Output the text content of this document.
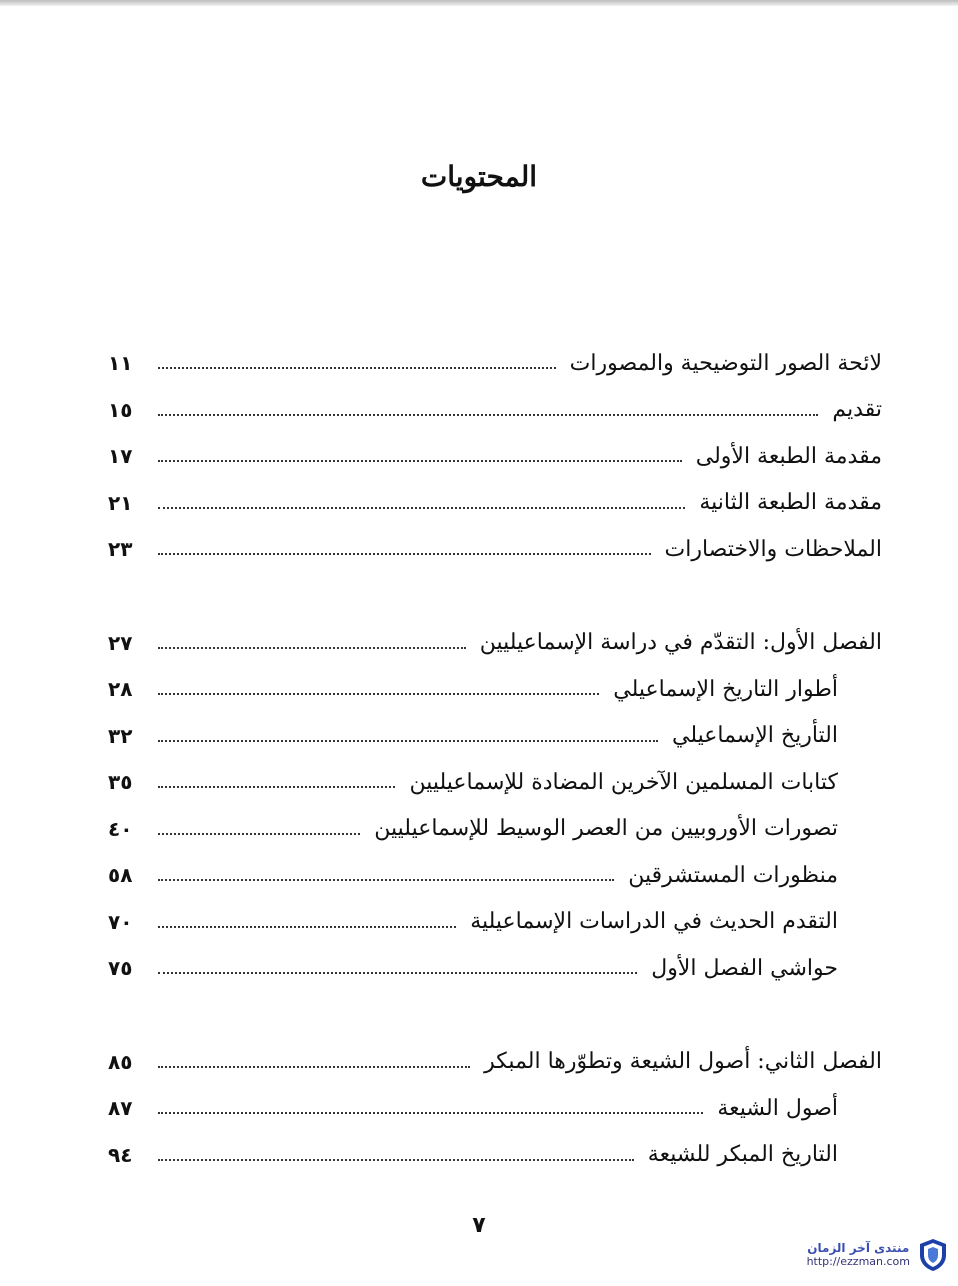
المحتويات
لائحة الصور التوضيحية والمصورات
١١
تقديم
١٥
مقدمة الطبعة الأولى
١٧
مقدمة الطبعة الثانية
٢١
الملاحظات والاختصارات
٢٣
الفصل الأول: التقدّم في دراسة الإسماعيليين
٢٧
أطوار التاريخ الإسماعيلي
٢٨
التأريخ الإسماعيلي
٣٢
كتابات المسلمين الآخرين المضادة للإسماعيليين
٣٥
تصورات الأوروبيين من العصر الوسيط للإسماعيليين
٤٠
منظورات المستشرقين
٥٨
التقدم الحديث في الدراسات الإسماعيلية
٧٠
حواشي الفصل الأول
٧٥
الفصل الثاني: أصول الشيعة وتطوّرها المبكر
٨٥
أصول الشيعة
٨٧
التاريخ المبكر للشيعة
٩٤
٧
منتدى آخر الزمان
http://ezzman.com
